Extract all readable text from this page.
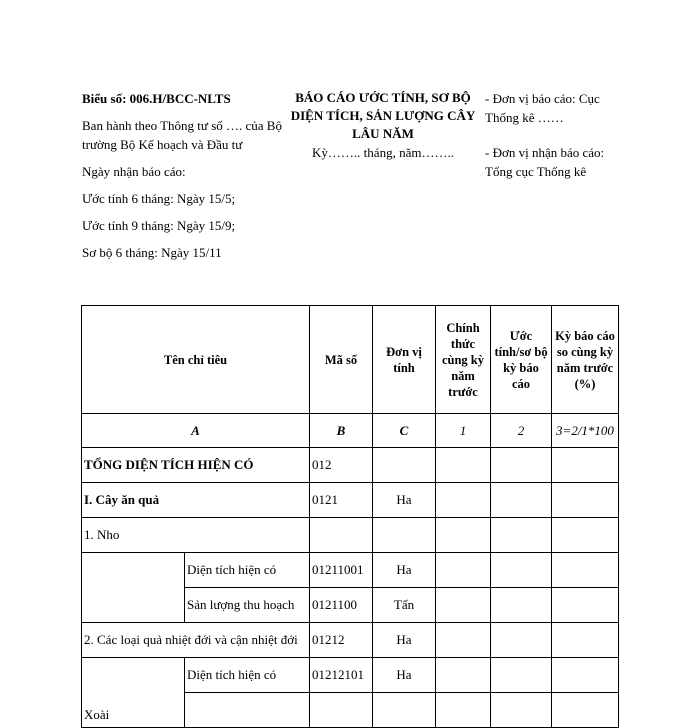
Biểu số: 006.H/BCC-NLTS
Ban hành theo Thông tư số …. của Bộ trường Bộ Kế hoạch và Đầu tư
Ngày nhận báo cáo:
Ước tính 6 tháng: Ngày 15/5;
Ước tính 9 tháng: Ngày 15/9;
Sơ bộ 6 tháng: Ngày 15/11
BÁO CÁO ƯỚC TÍNH, SƠ BỘ DIỆN TÍCH, SẢN LƯỢNG CÂY LÂU NĂM
Kỳ…….. tháng, năm……..
- Đơn vị báo cáo: Cục Thống kê ……
- Đơn vị nhận báo cáo: Tổng cục Thống kê
Tên chỉ tiêu		Mã số	Đơn vị tính	Chính thức cùng kỳ năm trước	Ước tính/sơ bộ kỳ báo cáo	Kỳ báo cáo so cùng kỳ năm trước (%)
A		B	C	1	2	3=2/1*100
TỔNG DIỆN TÍCH HIỆN CÓ		012				
I. Cây ăn quả		0121	Ha			
1. Nho						
	Diện tích hiện có	01211001	Ha			
	Sản lượng thu hoạch	0121100	Tấn			
2. Các loại quả nhiệt đới và cận nhiệt đới		01212	Ha			
Xoài	Diện tích hiện có	01212101	Ha			
